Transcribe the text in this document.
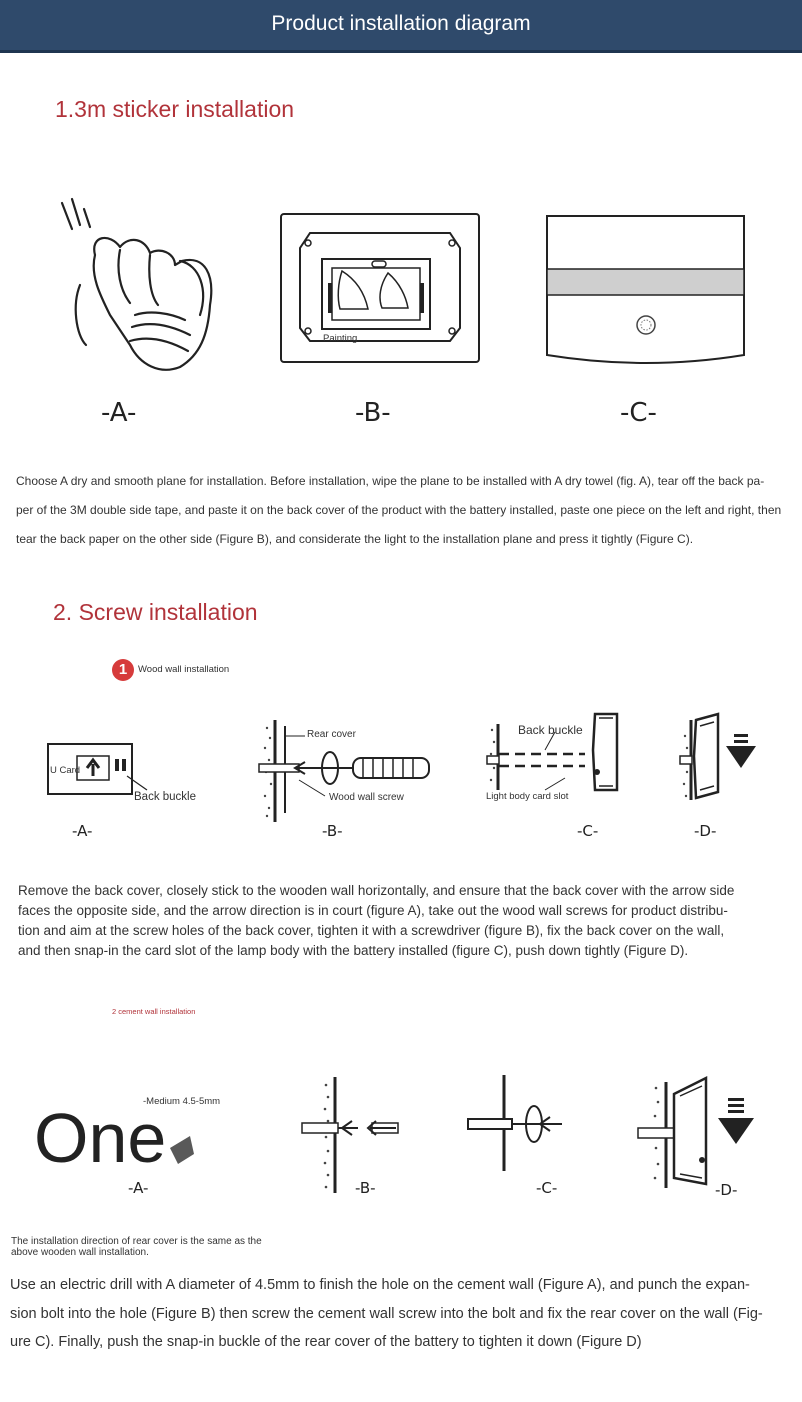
Product installation diagram
1.3m sticker installation
Painting
-A-	-B-	-C-
Choose A dry and smooth plane for installation. Before installation, wipe the plane to be installed with A dry towel (fig. A), tear off the back pa-
per of the 3M double side tape, and paste it on the back cover of the product with the battery installed, paste one piece on the left and right, then
tear the back paper on the other side (Figure B), and considerate the light to the installation plane and press it tightly (Figure C).
2. Screw installation
1	Wood wall installation
U Card
Back buckle
Rear cover
Wood wall screw
Back buckle
Light body card slot
-A-	-B-	-C-	-D-
Remove the back cover, closely stick to the wooden wall horizontally, and ensure that the back cover with the arrow side
faces the opposite side, and the arrow direction is in court (figure A), take out the wood wall screws for product distribu-
tion and aim at the screw holes of the back cover, tighten it with a screwdriver (figure B), fix the back cover on the wall,
and then snap-in the card slot of the lamp body with the battery installed (figure C), push down tightly (Figure D).
2 cement wall installation
One
-Medium 4.5-5mm
-A-	-B-	-C-	-D-
The installation direction of rear cover is the same as the
above wooden wall installation.
Use an electric drill with A diameter of 4.5mm to finish the hole on the cement wall (Figure A), and punch the expan-
sion bolt into the hole (Figure B) then screw the cement wall screw into the bolt and fix the rear cover on the wall (Fig-
ure C). Finally, push the snap-in buckle of the rear cover of the battery to tighten it down (Figure D)
